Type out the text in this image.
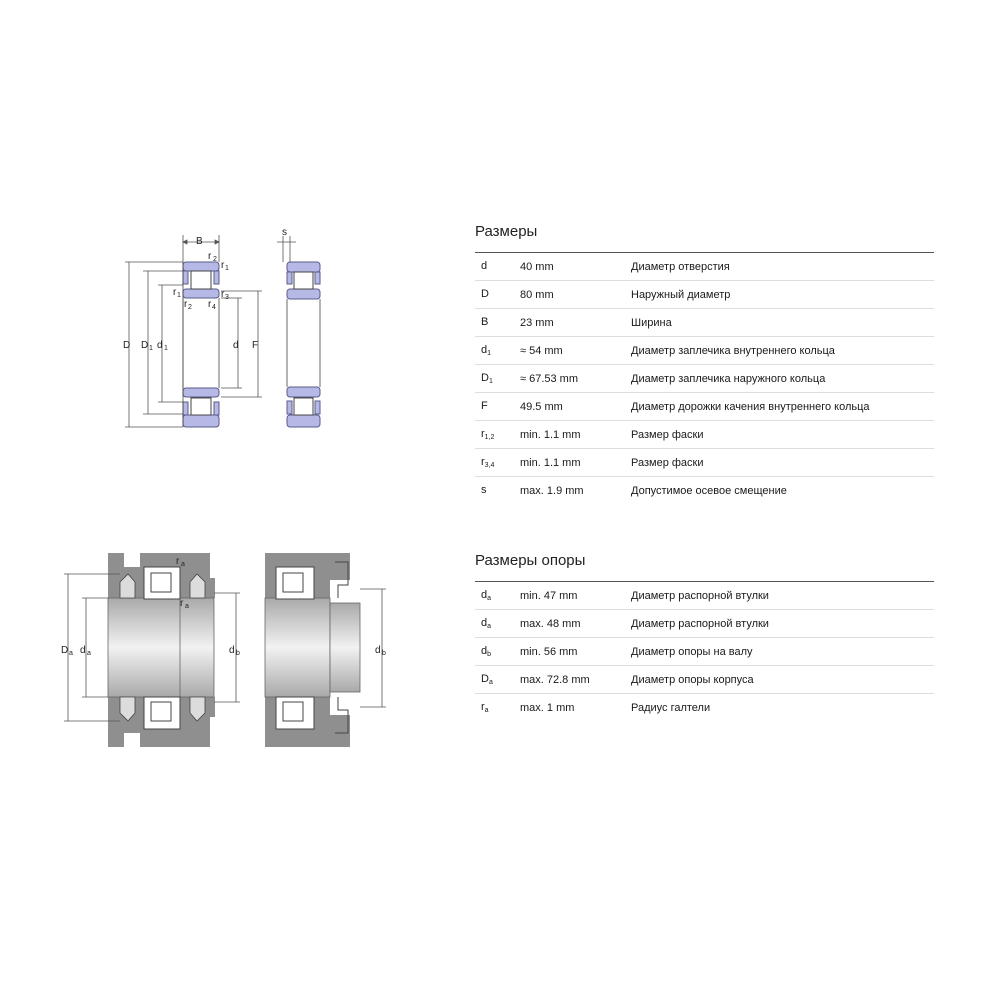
B
s
r 2
r 1
r 1	r 3
r 2 r 4
D D 1 d 1	d F
D a d a	d b	d b
r a
r a
Размеры
d	40 mm	Диаметр отверстия
D	80 mm	Наружный диаметр
B	23 mm	Ширина
$d_1$	≈ 54 mm	Диаметр заплечика внутреннего кольца
$D_1$	≈ 67.53 mm	Диаметр заплечика наружного кольца
F	49.5 mm	Диаметр дорожки качения внутреннего кольца
$r_{1,2}$	min. 1.1 mm	Размер фаски
$r_{3,4}$	min. 1.1 mm	Размер фаски
s	max. 1.9 mm	Допустимое осевое смещение
Размеры опоры
$d_a$	min. 47 mm	Диаметр распорной втулки
$d_a$	max. 48 mm	Диаметр распорной втулки
$d_b$	min. 56 mm	Диаметр опоры на валу
$D_a$	max. 72.8 mm	Диаметр опоры корпуса
$r_a$	max. 1 mm	Радиус галтели
